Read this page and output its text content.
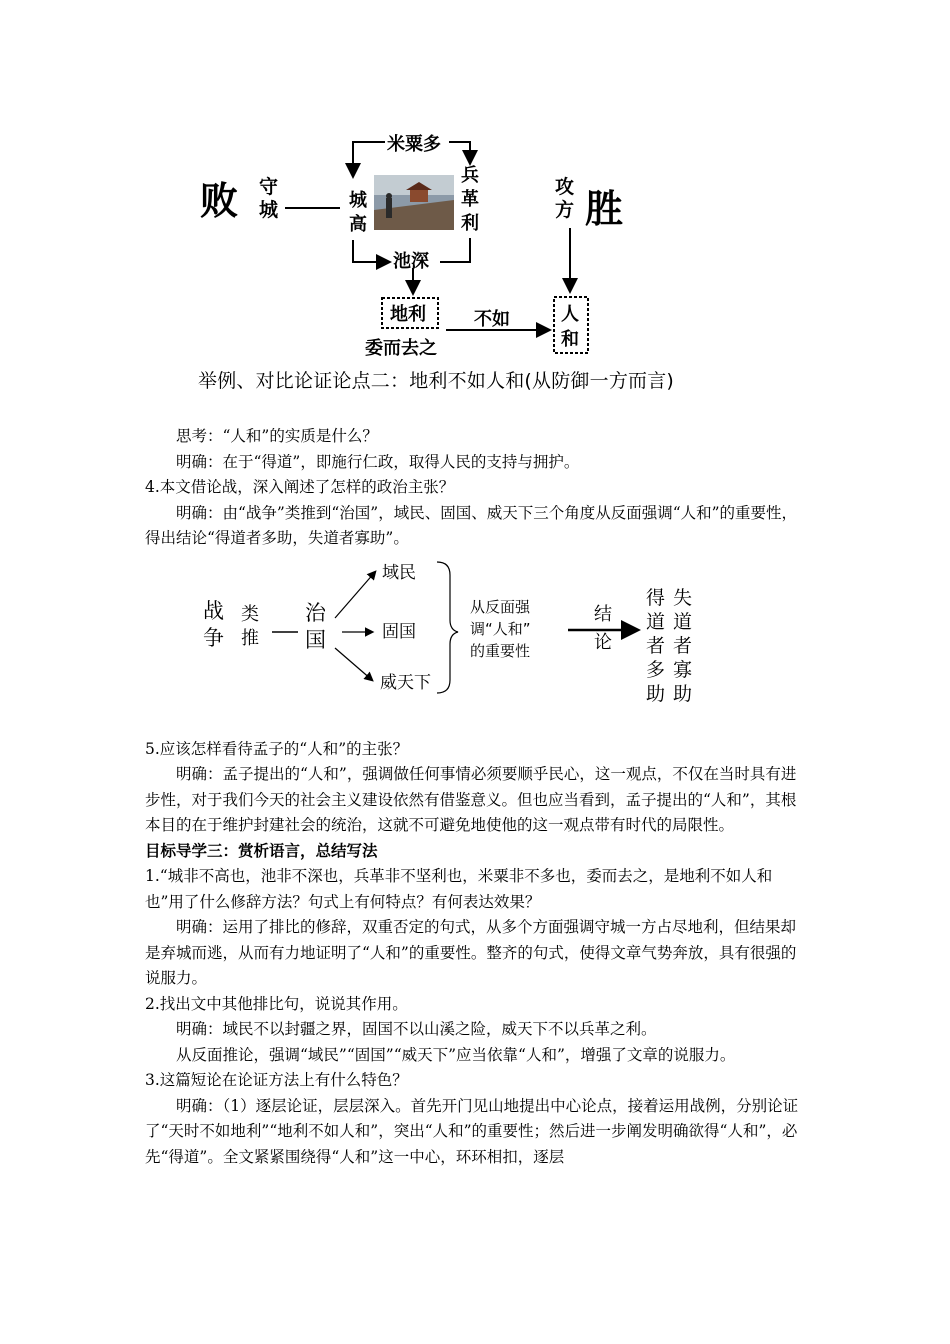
败 守
城
米粟多
城
高
兵
革
利
池深
地利
委而去之
不如
攻
方 胜
人
和
举例、对比论证论点二：地利不如人和(从防御一方而言)
战
争
类
推
治
国
域民
固国
威天下
从反面强
调“人和”
的重要性
结
论
得
道
者
多
助
失
道
者
寡
助

思考：“人和”的实质是什么？

明确：在于“得道”，即施行仁政，取得人民的支持与拥护。

4.本文借论战，深入阐述了怎样的政治主张？

明确：由“战争”类推到“治国”，域民、固国、威天下三个角度从反面强调“人和”的重要性，得出结论“得道者多助，失道者寡助”。

5.应该怎样看待孟子的“人和”的主张？

明确：孟子提出的“人和”，强调做任何事情必须要顺乎民心，这一观点，不仅在当时具有进步性，对于我们今天的社会主义建设依然有借鉴意义。但也应当看到，孟子提出的“人和”，其根本目的在于维护封建社会的统治，这就不可避免地使他的这一观点带有时代的局限性。

目标导学三：赏析语言，总结写法

1.“城非不高也，池非不深也，兵革非不坚利也，米粟非不多也，委而去之，是地利不如人和也”用了什么修辞方法？句式上有何特点？有何表达效果？

明确：运用了排比的修辞，双重否定的句式，从多个方面强调守城一方占尽地利，但结果却是弃城而逃，从而有力地证明了“人和”的重要性。整齐的句式，使得文章气势奔放，具有很强的说服力。

2.找出文中其他排比句，说说其作用。

明确：域民不以封疆之界，固国不以山溪之险，威天下不以兵革之利。

从反面推论，强调“域民”“固国”“威天下”应当依靠“人和”，增强了文章的说服力。

3.这篇短论在论证方法上有什么特色？

明确：（1）逐层论证，层层深入。首先开门见山地提出中心论点，接着运用战例，分别论证了“天时不如地利”“地利不如人和”，突出“人和”的重要性；然后进一步阐发明确欲得“人和”，必先“得道”。全文紧紧围绕得“人和”这一中心，环环相扣，逐层
